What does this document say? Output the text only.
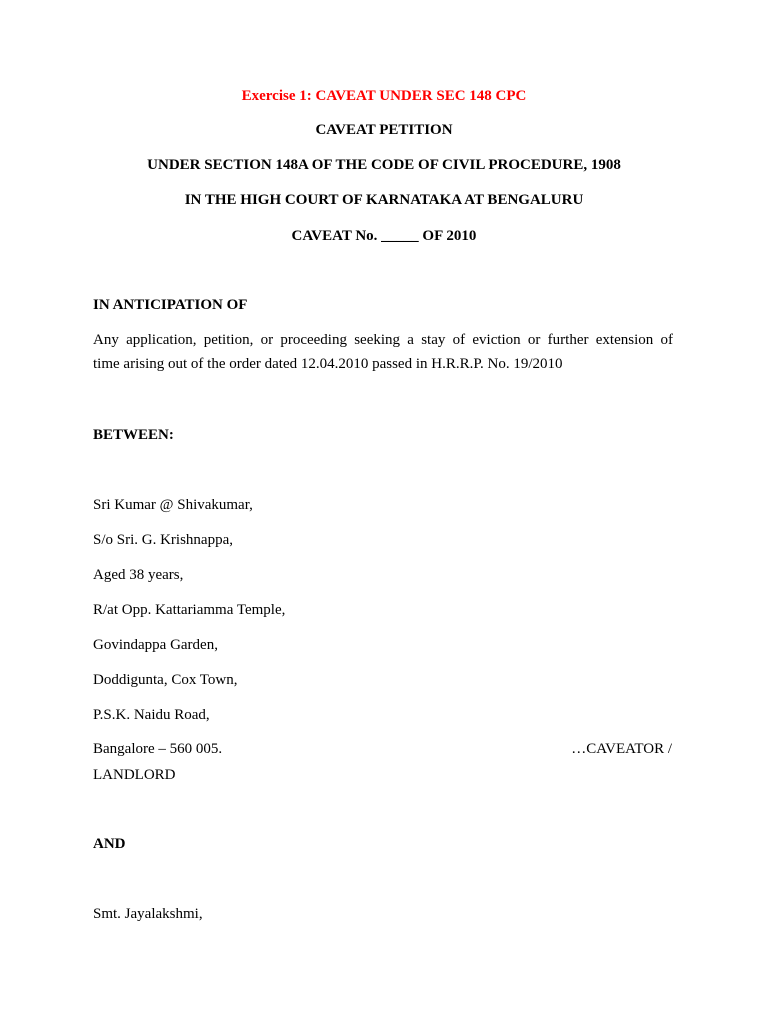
Exercise 1: CAVEAT UNDER SEC 148 CPC
CAVEAT PETITION
UNDER SECTION 148A OF THE CODE OF CIVIL PROCEDURE, 1908
IN THE HIGH COURT OF KARNATAKA AT BENGALURU
CAVEAT No. _____ OF 2010
IN ANTICIPATION OF
Any application, petition, or proceeding seeking a stay of eviction or further extension of
time arising out of the order dated 12.04.2010 passed in H.R.R.P. No. 19/2010
BETWEEN:
Sri Kumar @ Shivakumar,
S/o Sri. G. Krishnappa,
Aged 38 years,
R/at Opp. Kattariamma Temple,
Govindappa Garden,
Doddigunta, Cox Town,
P.S.K. Naidu Road,
Bangalore – 560 005.	…CAVEATOR /
LANDLORD
AND
Smt. Jayalakshmi,
